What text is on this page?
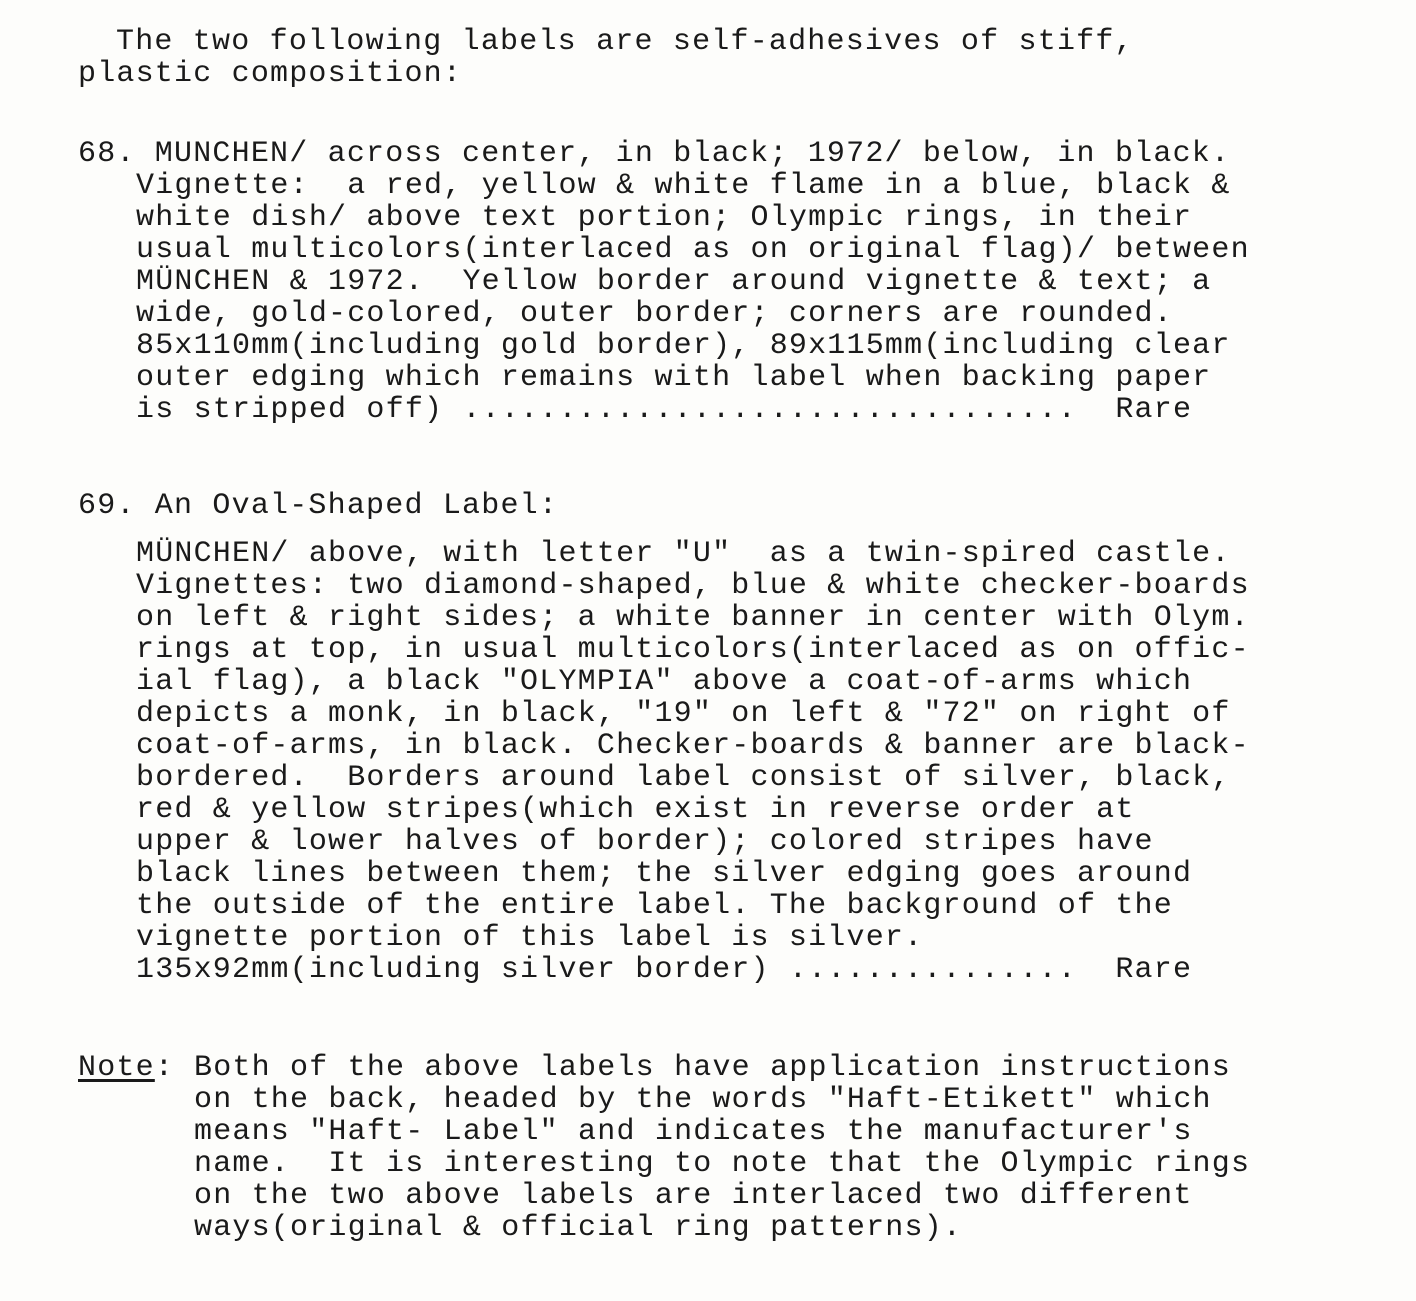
The two following labels are self-adhesives of stiff,
plastic composition:
68. MUNCHEN/ across center, in black; 1972/ below, in black.
Vignette:  a red, yellow & white flame in a blue, black &
white dish/ above text portion; Olympic rings, in their
usual multicolors(interlaced as on original flag)/ between
MÜNCHEN & 1972.  Yellow border around vignette & text; a
wide, gold-colored, outer border; corners are rounded.
85x110mm(including gold border), 89x115mm(including clear
outer edging which remains with label when backing paper
is stripped off) ................................  Rare
69. An Oval-Shaped Label:
MÜNCHEN/ above, with letter "U"  as a twin-spired castle.
Vignettes: two diamond-shaped, blue & white checker-boards
on left & right sides; a white banner in center with Olym.
rings at top, in usual multicolors(interlaced as on offic-
ial flag), a black "OLYMPIA" above a coat-of-arms which
depicts a monk, in black, "19" on left & "72" on right of
coat-of-arms, in black. Checker-boards & banner are black-
bordered.  Borders around label consist of silver, black,
red & yellow stripes(which exist in reverse order at
upper & lower halves of border); colored stripes have
black lines between them; the silver edging goes around
the outside of the entire label. The background of the
vignette portion of this label is silver.
135x92mm(including silver border) ...............  Rare
Note: Both of the above labels have application instructions
on the back, headed by the words "Haft-Etikett" which
means "Haft- Label" and indicates the manufacturer's
name.  It is interesting to note that the Olympic rings
on the two above labels are interlaced two different
ways(original & official ring patterns).
